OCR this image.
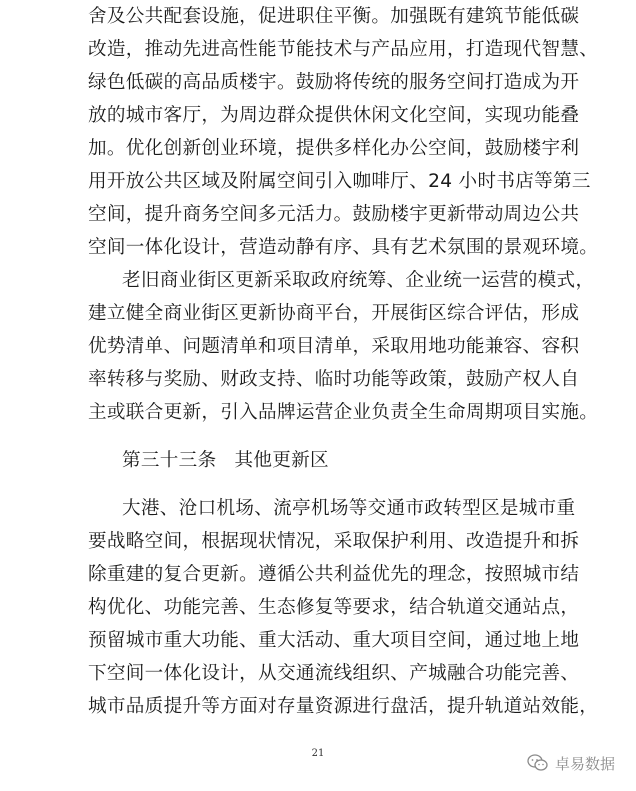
舍及公共配套设施，促进职住平衡。加强既有建筑节能低碳
改造，推动先进高性能节能技术与产品应用，打造现代智慧、
绿色低碳的高品质楼宇。鼓励将传统的服务空间打造成为开
放的城市客厅，为周边群众提供休闲文化空间，实现功能叠
加。优化创新创业环境，提供多样化办公空间，鼓励楼宇利
用开放公共区域及附属空间引入咖啡厅、24 小时书店等第三
空间，提升商务空间多元活力。鼓励楼宇更新带动周边公共
空间一体化设计，营造动静有序、具有艺术氛围的景观环境。
老旧商业街区更新采取政府统筹、企业统一运营的模式，
建立健全商业街区更新协商平台，开展街区综合评估，形成
优势清单、问题清单和项目清单，采取用地功能兼容、容积
率转移与奖励、财政支持、临时功能等政策，鼓励产权人自
主或联合更新，引入品牌运营企业负责全生命周期项目实施。
第三十三条 其他更新区
大港、沧口机场、流亭机场等交通市政转型区是城市重
要战略空间，根据现状情况，采取保护利用、改造提升和拆
除重建的复合更新。遵循公共利益优先的理念，按照城市结
构优化、功能完善、生态修复等要求，结合轨道交通站点，
预留城市重大功能、重大活动、重大项目空间，通过地上地
下空间一体化设计，从交通流线组织、产城融合功能完善、
城市品质提升等方面对存量资源进行盘活，提升轨道站效能，
21
卓易数据
